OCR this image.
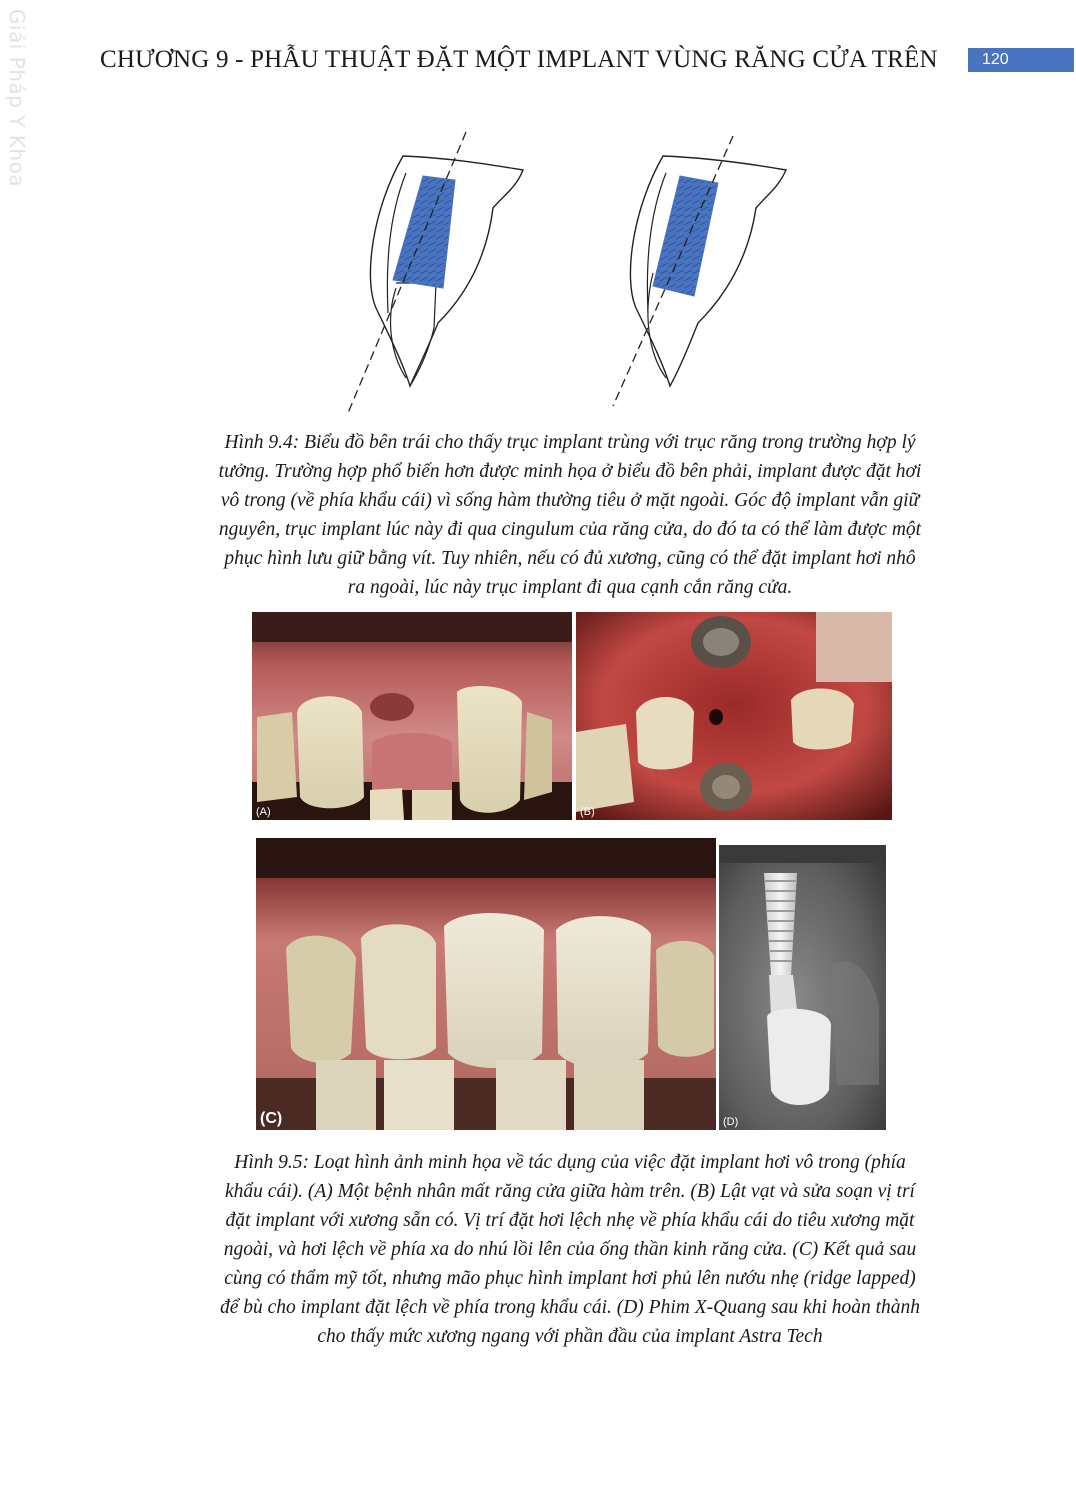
Giải Pháp Y Khoa	CHƯƠNG 9 - PHẪU THUẬT ĐẶT MỘT IMPLANT VÙNG RĂNG CỬA TRÊN	120
Hình 9.4: Biểu đồ bên trái cho thấy trục implant trùng với trục răng trong trường hợp lý
tưởng. Trường hợp phổ biến hơn được minh họa ở biểu đồ bên phải, implant được đặt hơi
vô trong (về phía khẩu cái) vì sống hàm thường tiêu ở mặt ngoài. Góc độ implant vẫn giữ
nguyên, trục implant lúc này đi qua cingulum của răng cửa, do đó ta có thể làm được một
phục hình lưu giữ bằng vít. Tuy nhiên, nếu có đủ xương, cũng có thể đặt implant hơi nhô
ra ngoài, lúc này trục implant đi qua cạnh cắn răng cửa.
(A)	(B)
(C)	(D)
Hình 9.5: Loạt hình ảnh minh họa về tác dụng của việc đặt implant hơi vô trong (phía
khẩu cái). (A) Một bệnh nhân mất răng cửa giữa hàm trên. (B) Lật vạt và sửa soạn vị trí
đặt implant với xương sẵn có. Vị trí đặt hơi lệch nhẹ về phía khẩu cái do tiêu xương mặt
ngoài, và hơi lệch về phía xa do nhú lồi lên của ống thần kinh răng cửa. (C) Kết quả sau
cùng có thẩm mỹ tốt, nhưng mão phục hình implant hơi phủ lên nướu nhẹ (ridge lapped)
để bù cho implant đặt lệch về phía trong khẩu cái. (D) Phim X-Quang sau khi hoàn thành
cho thấy mức xương ngang với phần đầu của implant Astra Tech
